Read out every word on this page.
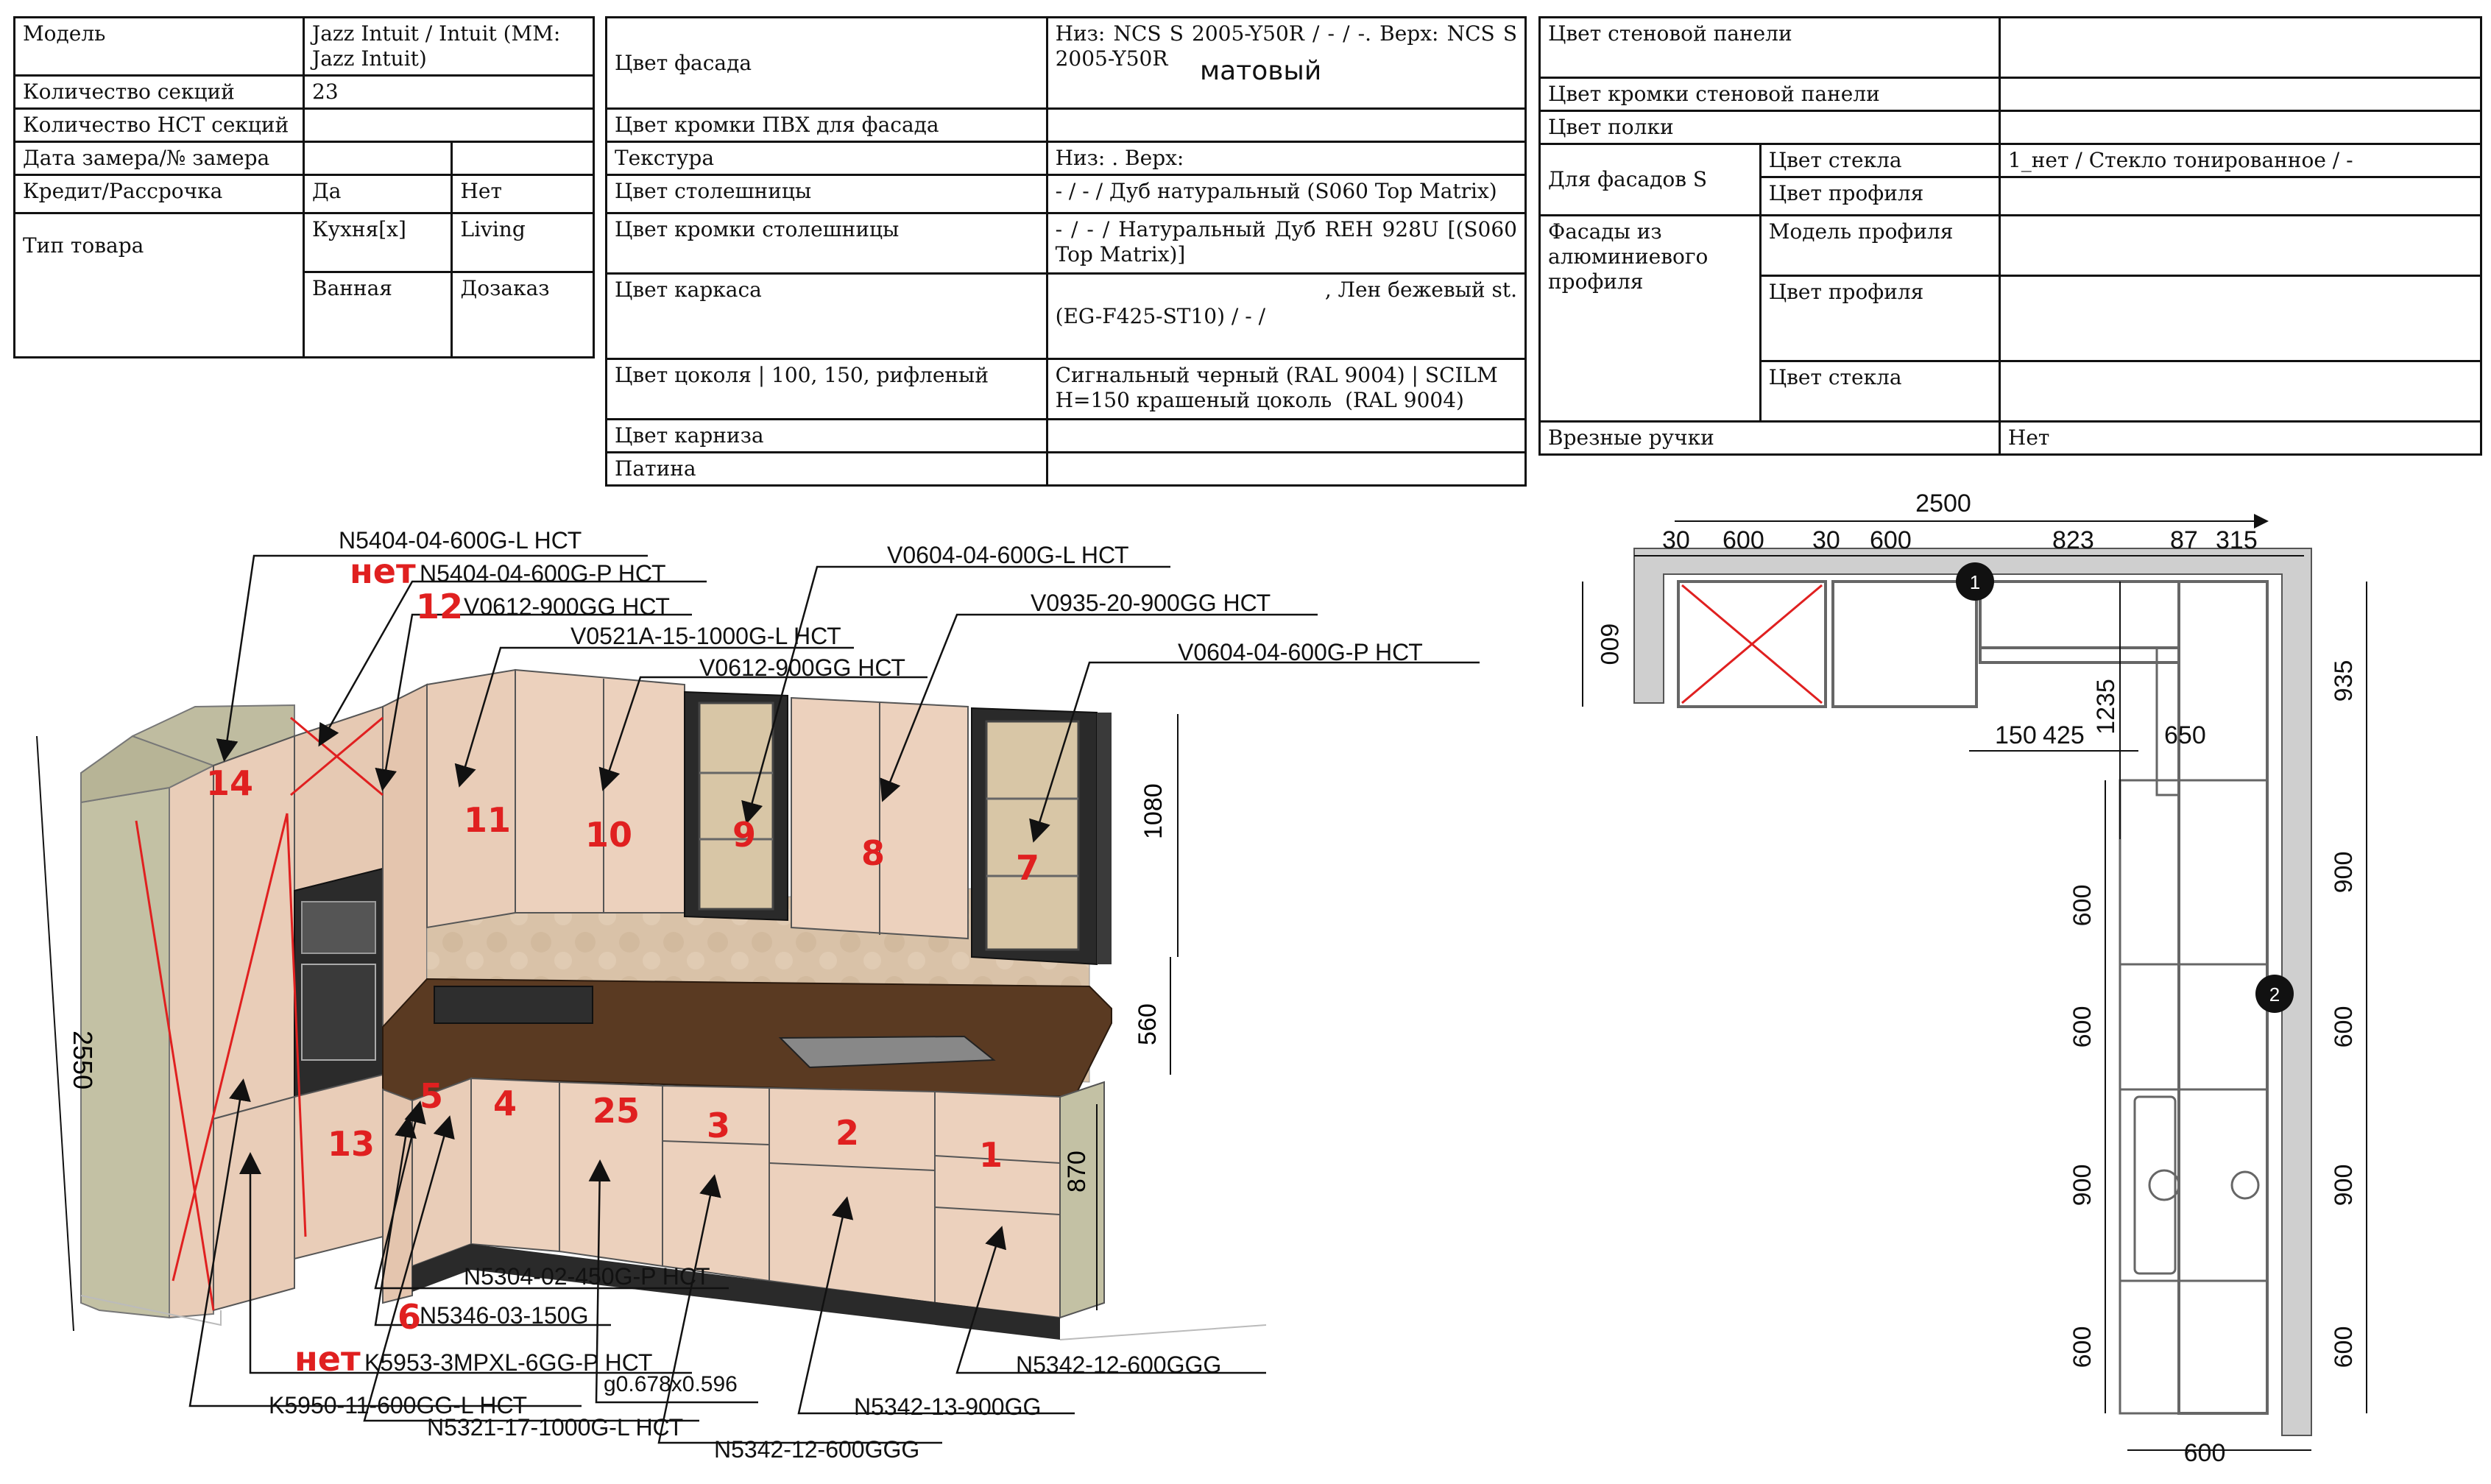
Модель	Jazz Intuit / Intuit (MM: Jazz Intuit)	
Количество секций	23	
Количество НСТ секций		
Дата замера/№ замера		
Кредит/Рассрочка	Да	Нет
Тип товара	Кухня[x]	Living
	Ванная	Дозаказ
Цвет фасада	Низ: NCS S 2005-Y50R / - / -. Верх: NCS S 2005-Y50R
Цвет кромки ПВХ для фасада	
Текстура	Низ: . Верх:
Цвет столешницы	- / - / Дуб натуральный (S060 Top Matrix)
Цвет кромки столешницы	- / - / Натуральный Дуб REH 928U [(S060 Top Matrix)]
Цвет каркаса	, Лен бежевый st.
(EG-F425-ST10) / - /

Цвет цоколя | 100, 150, рифленый	Сигнальный черный (RAL 9004) | SCILM
H=150 крашеный цоколь (RAL 9004)

Цвет карниза	
Патина	
матовый
Цвет стеновой панели		
Цвет кромки стеновой панели		
Цвет полки		
Для фасадов S	Цвет стекла	1_нет / Стекло тонированное / -
	Цвет профиля	
Фасады из алюминиевого профиля	Модель профиля	
	Цвет профиля	
	Цвет стекла	
Врезные ручки		Нет
2550
1080
560
870
N5404-04-600G-L НСТ
N5404-04-600G-P НСТ
V0612-900GG НСТ
V0604-04-600G-L НСТ
V0521A-15-1000G-L НСТ
V0612-900GG НСТ
V0935-20-900GG НСТ
V0604-04-600G-P НСТ
N5304-02-450G-P НСТ
N5346-03-150G
K5953-3MPXL-6GG-P НСТ
g0.678x0.596
K5950-11-600GG-L НСТ
N5321-17-1000G-L НСТ
N5342-12-600GGG
N5342-13-900GG
N5342-12-600GGG
нет
12
6
нет
14
11 10	9	8	7
13
5 4 25 3	2
1
1
2
2500
30 600 30 600	823	87 315
600
935
900
600
900
600
150 425
1235
650
600
600
900
600
600
